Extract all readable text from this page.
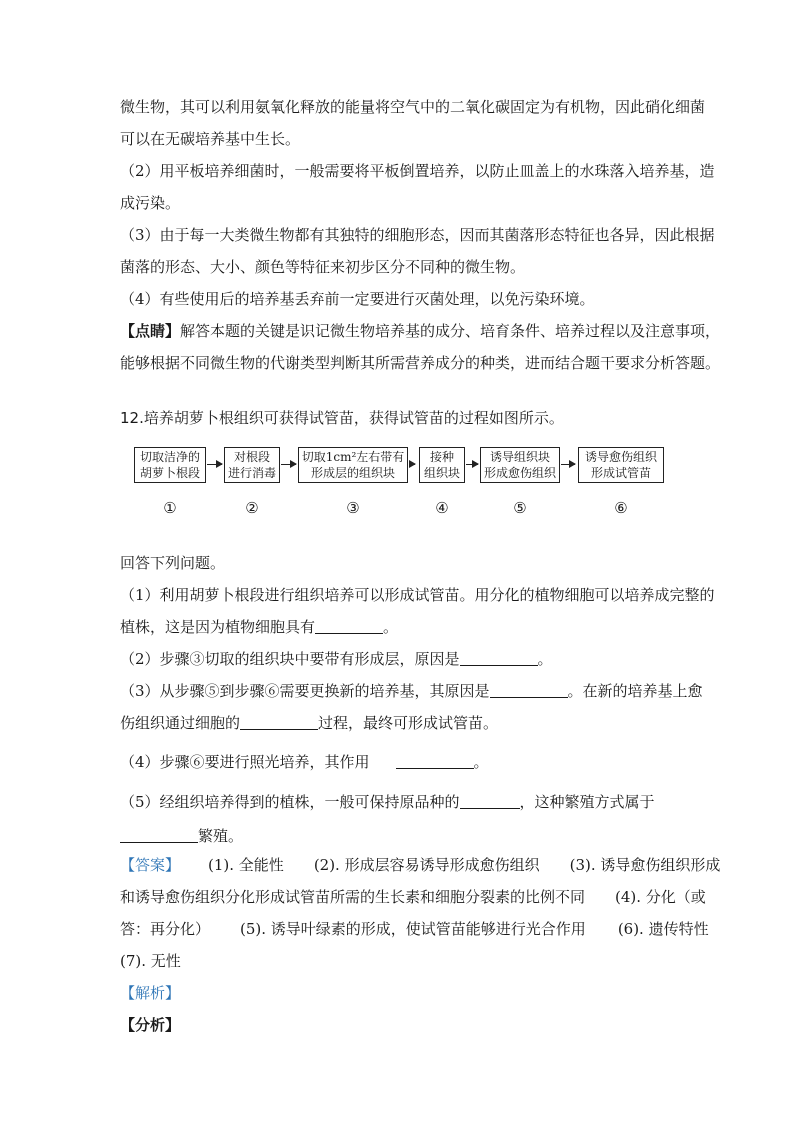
微生物，其可以利用氨氧化释放的能量将空气中的二氧化碳固定为有机物，因此硝化细菌
可以在无碳培养基中生长。
（2）用平板培养细菌时，一般需要将平板倒置培养，以防止皿盖上的水珠落入培养基，造
成污染。
（3）由于每一大类微生物都有其独特的细胞形态，因而其菌落形态特征也各异，因此根据
菌落的形态、大小、颜色等特征来初步区分不同种的微生物。
（4）有些使用后的培养基丢弃前一定要进行灭菌处理，以免污染环境。
【点睛】解答本题的关键是识记微生物培养基的成分、培育条件、培养过程以及注意事项，
能够根据不同微生物的代谢类型判断其所需营养成分的种类，进而结合题干要求分析答题。
12.培养胡萝卜根组织可获得试管苗，获得试管苗的过程如图所示。
切取洁净的
胡萝卜根段
对根段
进行消毒
切取1cm²左右带有
形成层的组织块
接种
组织块
诱导组织块
形成愈伤组织
诱导愈伤组织
形成试管苗
①	②	③	④	⑤	⑥
回答下列问题。
（1）利用胡萝卜根段进行组织培养可以形成试管苗。用分化的植物细胞可以培养成完整的
植株，这是因为植物细胞具有	。
（2）步骤③切取的组织块中要带有形成层，原因是	。
（3）从步骤⑤到步骤⑥需要更换新的培养基，其原因是	。在新的培养基上愈
伤组织通过细胞的	过程，最终可形成试管苗。
（4）步骤⑥要进行照光培养，其作用	。
（5）经组织培养得到的植株，一般可保持原品种的	，这种繁殖方式属于
繁殖。
【答案】 (1). 全能性 (2). 形成层容易诱导形成愈伤组织 (3). 诱导愈伤组织形成
和诱导愈伤组织分化形成试管苗所需的生长素和细胞分裂素的比例不同 (4). 分化（或
答：再分化） (5). 诱导叶绿素的形成，使试管苗能够进行光合作用 (6). 遗传特性
(7). 无性
【解析】
【分析】
